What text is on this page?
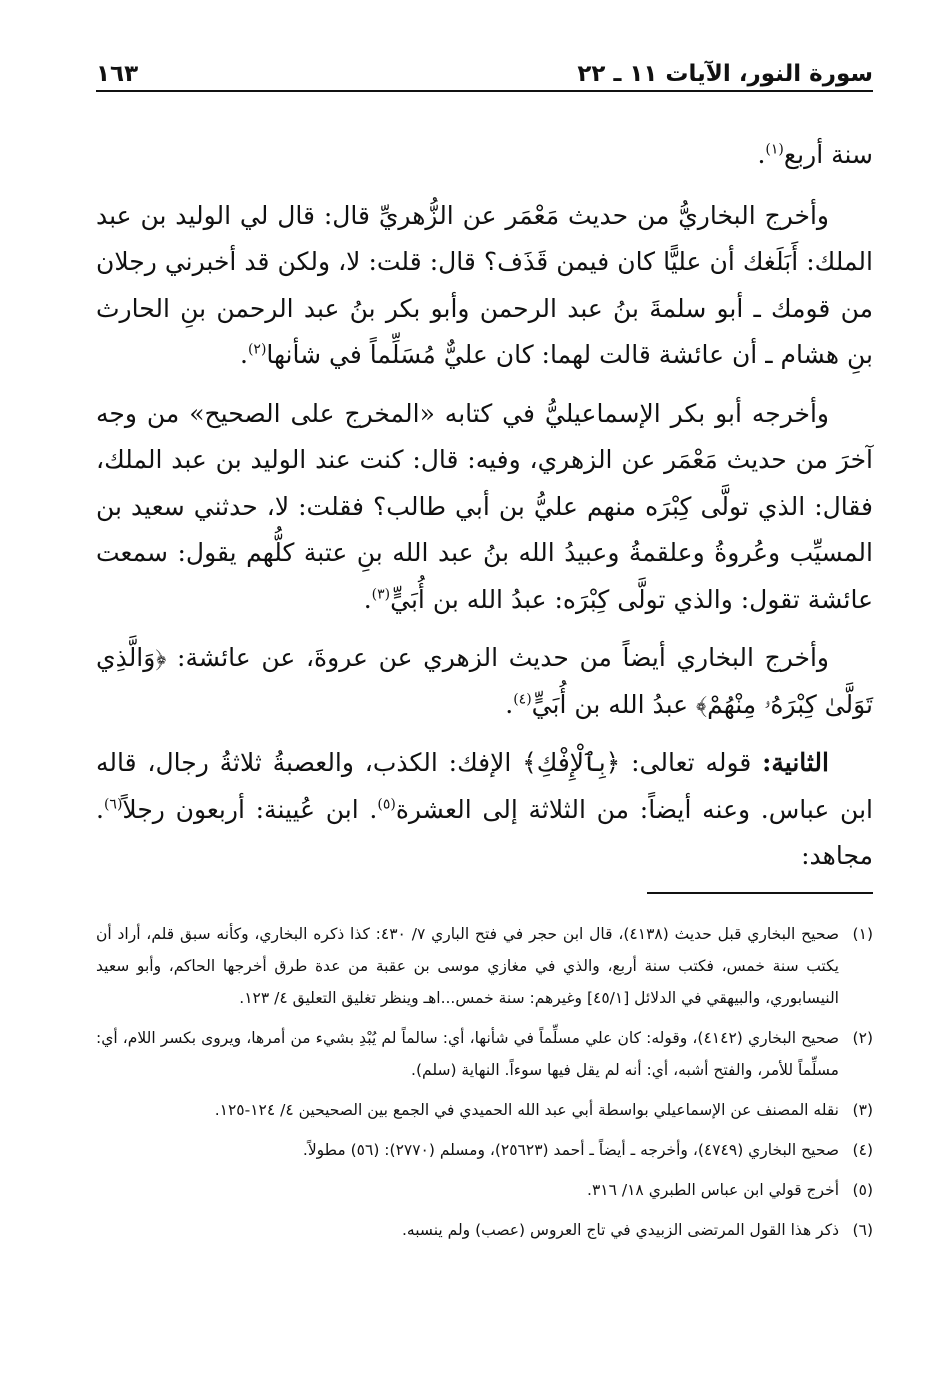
سورة النور، الآيات ١١ ـ ٢٢
١٦٣

سنة أربع$^{(١)}$.

وأخرج البخاريُّ من حديث مَعْمَر عن الزُّهريِّ قال: قال لي الوليد بن عبد الملك: أَبَلَغك أن عليًّا كان فيمن قَذَف؟ قال: قلت: لا، ولكن قد أخبرني رجلان من قومك ـ أبو سلمةَ بنُ عبد الرحمن وأبو بكر بنُ عبد الرحمن بنِ الحارث بنِ هشام ـ أن عائشة قالت لهما: كان عليٌّ مُسَلِّماً في شأنها$^{(٢)}$.

وأخرجه أبو بكر الإسماعيليُّ في كتابه «المخرج على الصحيح» من وجه آخرَ من حديث مَعْمَر عن الزهري، وفيه: قال: كنت عند الوليد بن عبد الملك، فقال: الذي تولَّى كِبْرَه منهم عليُّ بن أبي طالب؟ فقلت: لا، حدثني سعيد بن المسيِّب وعُروةُ وعلقمةُ وعبيدُ الله بنُ عبد الله بنِ عتبة كلُّهم يقول: سمعت عائشة تقول: والذي تولَّى كِبْرَه: عبدُ الله بن أُبَيٍّ$^{(٣)}$.

وأخرج البخاري أيضاً من حديث الزهري عن عروةَ، عن عائشة: ﴿وَالَّذِي تَوَلَّىٰ كِبْرَهُۥ مِنْهُمْ﴾ عبدُ الله بن أُبَيٍّ$^{(٤)}$.

الثانية: قوله تعالى: ﴿بِٱلْإِفْكِ﴾ الإفك: الكذب، والعصبةُ ثلاثةُ رجال، قاله ابن عباس. وعنه أيضاً: من الثلاثة إلى العشرة$^{(٥)}$. ابن عُيينة: أربعون رجلاً$^{(٦)}$. مجاهد:

(١)
صحيح البخاري قبل حديث (٤١٣٨)، قال ابن حجر في فتح الباري ٧/ ٤٣٠: كذا ذكره البخاري، وكأنه سبق قلم، أراد أن يكتب سنة خمس، فكتب سنة أربع، والذي في مغازي موسى بن عقبة من عدة طرق أخرجها الحاكم، وأبو سعيد النيسابوري، والبيهقي في الدلائل [٤٥/١] وغيرهم: سنة خمس...اهـ وينظر تغليق التعليق ٤/ ١٢٣.
(٢)
صحيح البخاري (٤١٤٢)، وقوله: كان علي مسلِّماً في شأنها، أي: سالماً لم يُبْدِ بشيء من أمرها، ويروى بكسر اللام، أي: مسلِّماً للأمر، والفتح أشبه، أي: أنه لم يقل فيها سوءاً. النهاية (سلم).
(٣)
نقله المصنف عن الإسماعيلي بواسطة أبي عبد الله الحميدي في الجمع بين الصحيحين ٤/ ١٢٤-١٢٥.
(٤)
صحيح البخاري (٤٧٤٩)، وأخرجه ـ أيضاً ـ أحمد (٢٥٦٢٣)، ومسلم (٢٧٧٠): (٥٦) مطولاً.
(٥)
أخرج قولي ابن عباس الطبري ١٨/ ٣١٦.
(٦)
ذكر هذا القول المرتضى الزبيدي في تاج العروس (عصب) ولم ينسبه.
